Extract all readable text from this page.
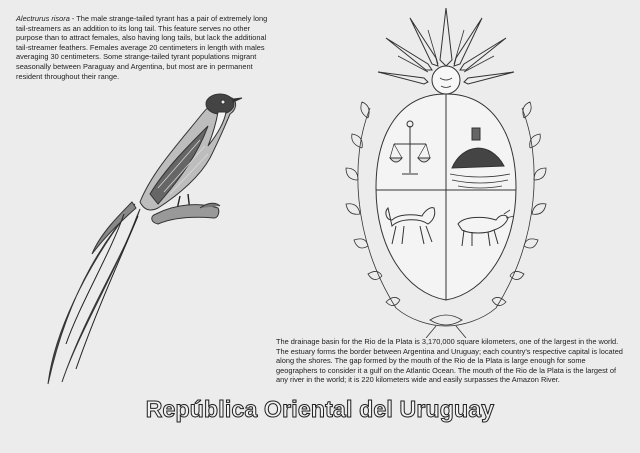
Alectrurus risora - The male strange-tailed tyrant has a pair of extremely long tail-streamers as an addition to its long tail. This feature serves no other purpose than to attract females, also having long tails, but lack the additional tail-streamer feathers. Females average 20 centimeters in length with males averaging 30 centimeters. Some strange-tailed tyrant populations migrant seasonally between Paraguay and Argentina, but most are in permanent resident throughout their range.

The drainage basin for the Rio de la Plata is 3,170,000 square kilometers, one of the largest in the world. The estuary forms the border between Argentina and Uruguay; each country's respective capital is located along the shores. The gap formed by the mouth of the Rio de la Plata is large enough for some geographers to consider it a gulf on the Atlantic Ocean. The mouth of the Rio de la Plata is the largest of any river in the world; it is 220 kilometers wide and easily surpasses the Amazon River.

República Oriental del Uruguay
